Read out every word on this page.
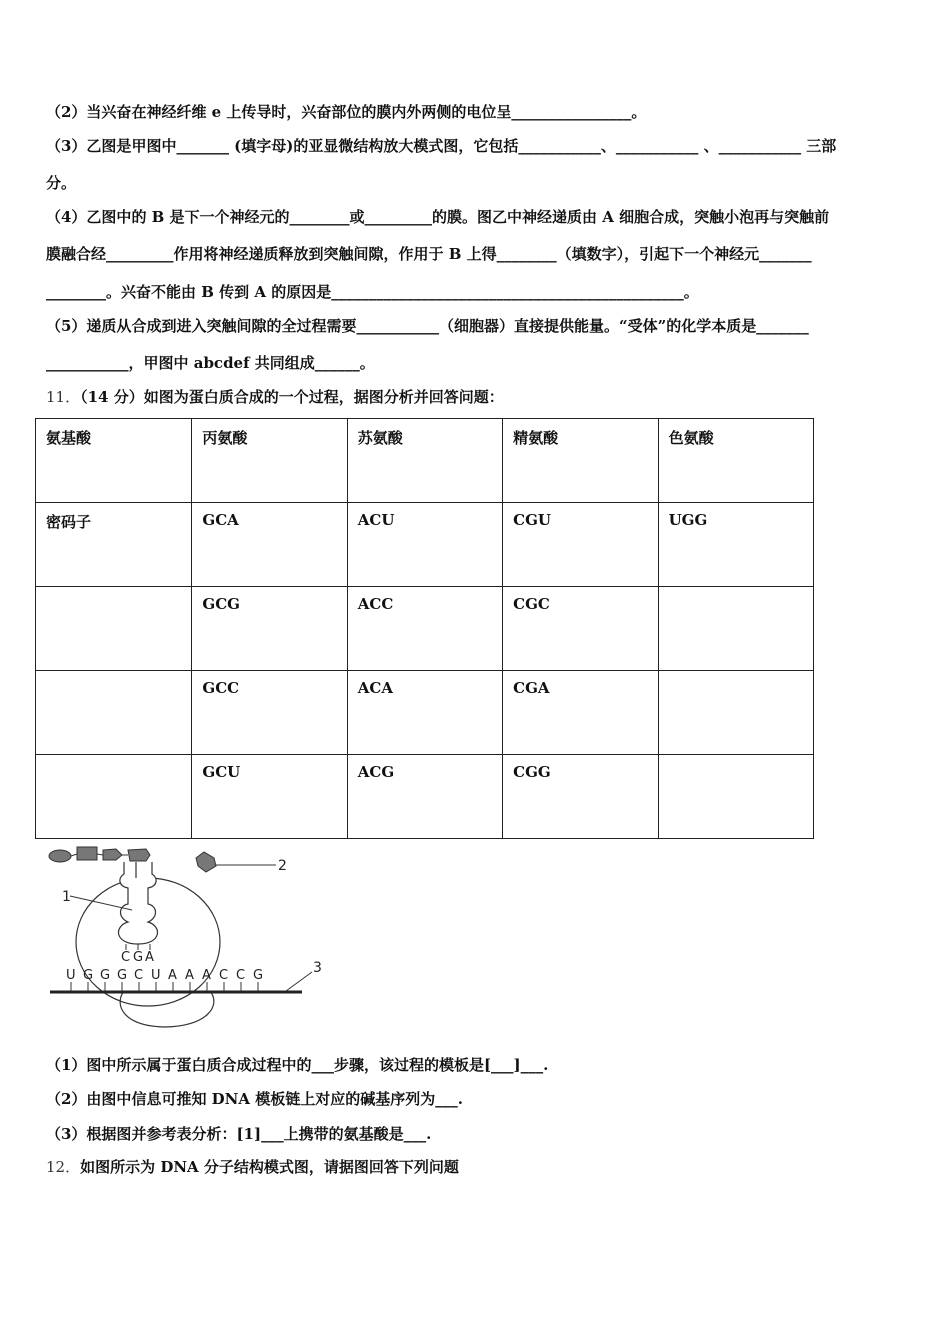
（2）当兴奋在神经纤维 e 上传导时，兴奋部位的膜内外两侧的电位呈________________。
（3）乙图是甲图中_______ (填字母)的亚显微结构放大模式图，它包括___________、___________ 、___________ 三部
分。
（4）乙图中的 B 是下一个神经元的________或_________的膜。图乙中神经递质由 A 细胞合成，突触小泡再与突触前
膜融合经_________作用将神经递质释放到突触间隙，作用于 B 上得________（填数字），引起下一个神经元_______
________。兴奋不能由 B 传到 A 的原因是_______________________________________________。
（5）递质从合成到进入突触间隙的全过程需要___________（细胞器）直接提供能量。“受体”的化学本质是_______
___________，甲图中 abcdef 共同组成______。
11．（14 分）如图为蛋白质合成的一个过程，据图分析并回答问题：
氨基酸	丙氨酸	苏氨酸	精氨酸	色氨酸
密码子	GCA	ACU	CGU	UGG
	GCG	ACC	CGC	
	GCC	ACA	CGA	
	GCU	ACG	CGG	
2
1
C G A
U G G G C U A A A C C G	3
（1）图中所示属于蛋白质合成过程中的___步骤，该过程的模板是[___]___.
（2）由图中信息可推知 DNA 模板链上对应的碱基序列为___.
（3）根据图并参考表分析：[1]___上携带的氨基酸是___.
12．如图所示为 DNA 分子结构模式图，请据图回答下列问题
